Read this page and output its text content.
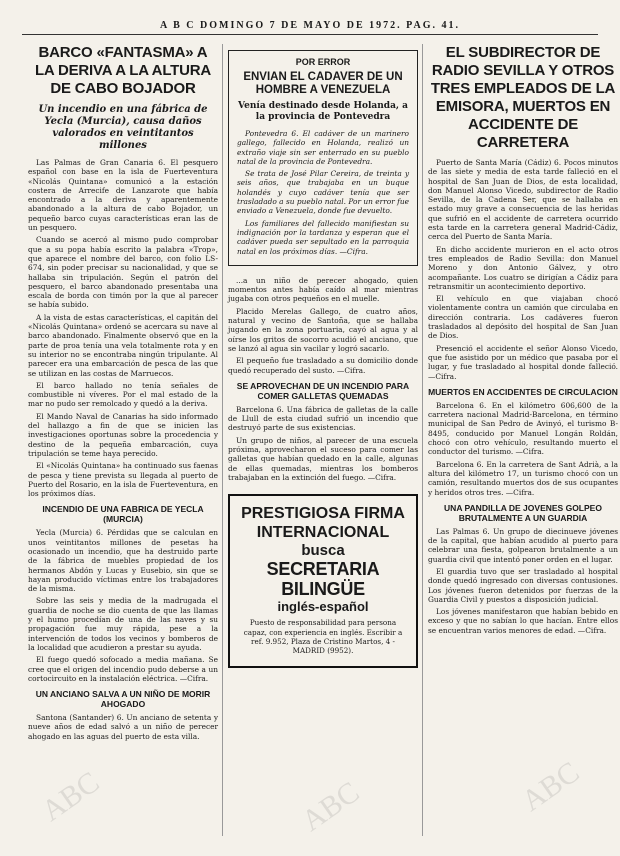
A B C DOMINGO 7 DE MAYO DE 1972. PAG. 41.
BARCO «FANTASMA» A LA DERIVA A LA ALTURA DE CABO BOJADOR
Un incendio en una fábrica de Yecla (Murcia), causa daños valorados en veintitantos millones

Las Palmas de Gran Canaria 6. El pesquero español con base en la isla de Fuerteventura «Nicolás Quintana» comunicó a la estación costera de Arrecife de Lanzarote que había encontrado a la deriva y aparentemente abandonado a la altura de cabo Bojador, un pequeño barco cuyas características eran las de un pesquero.

Cuando se acercó al mismo pudo comprobar que a su popa había escrito la palabra «Trop», que aparece el nombre del barco, con folio LS-674, sin poder precisar su nacionalidad, y que se hallaba sin tripulación. Según el patrón del pesquero, el barco abandonado presentaba una escala de borda con timón por la que al parecer se había subido.

A la vista de estas características, el capitán del «Nicolás Quintana» ordenó se acercara su nave al barco abandonado. Finalmente observó que en la parte de proa tenía una vela totalmente rota y en su interior no se encontraba ningún tripulante. Al parecer era una embarcación de pesca de las que se utilizan en las costas de Marruecos.

El barco hallado no tenía señales de combustible ni víveres. Por el mal estado de la mar no pudo ser remolcado y quedó a la deriva.

El Mando Naval de Canarias ha sido informado del hallazgo a fin de que se inicien las investigaciones oportunas sobre la procedencia y destino de la pequeña embarcación, cuya tripulación se teme haya perecido.

El «Nicolás Quintana» ha continuado sus faenas de pesca y tiene prevista su llegada al puerto de Puerto del Rosario, en la isla de Fuerteventura, en los próximos días.

INCENDIO DE UNA FABRICA DE YECLA (MURCIA)

Yecla (Murcia) 6. Pérdidas que se calculan en unos veintitantos millones de pesetas ha ocasionado un incendio, que ha destruido parte de la fábrica de muebles propiedad de los hermanos Abdón y Lucas y Eusebio, sin que se hayan producido víctimas entre los trabajadores de la misma.

Sobre las seis y media de la madrugada el guardia de noche se dio cuenta de que las llamas y el humo procedían de una de las naves y su propagación fue muy rápida, pese a la intervención de todos los vecinos y bomberos de la localidad que acudieron a prestar su ayuda.

El fuego quedó sofocado a media mañana. Se cree que el origen del incendio pudo deberse a un cortocircuito en la instalación eléctrica. —Cifra.

UN ANCIANO SALVA A UN NIÑO DE MORIR AHOGADO

Santona (Santander) 6. Un anciano de setenta y nueve años de edad salvó a un niño de perecer ahogado en las aguas del puerto de esta villa.

POR ERROR
ENVIAN EL CADAVER DE UN HOMBRE A VENEZUELA
Venía destinado desde Holanda, a la provincia de Pontevedra

Pontevedra 6. El cadáver de un marinero gallego, fallecido en Holanda, realizó un extraño viaje sin ser enterrado en su pueblo natal de la provincia de Pontevedra.

Se trata de José Pilar Cereira, de treinta y seis años, que trabajaba en un buque holandés y cuyo cadáver tenía que ser trasladado a su pueblo natal. Por un error fue enviado a Venezuela, donde fue devuelto.

Los familiares del fallecido manifiestan su indignación por la tardanza y esperan que el cadáver pueda ser sepultado en la parroquia natal en los próximos días. —Cifra.

...a un niño de perecer ahogado, quien momentos antes había caído al mar mientras jugaba con otros pequeños en el muelle.

Placido Merelas Gallego, de cuatro años, natural y vecino de Santoña, que se hallaba jugando en la zona portuaria, cayó al agua y al oírse los gritos de socorro acudió el anciano, que se lanzó al agua sin vacilar y logró sacarlo.

El pequeño fue trasladado a su domicilio donde quedó recuperado del susto. —Cifra.

SE APROVECHAN DE UN INCENDIO PARA COMER GALLETAS QUEMADAS

Barcelona 6. Una fábrica de galletas de la calle de Llull de esta ciudad sufrió un incendio que destruyó parte de sus existencias.

Un grupo de niños, al parecer de una escuela próxima, aprovecharon el suceso para comer las galletas que habían quedado en la calle, algunas de ellas quemadas, mientras los bomberos trabajaban en la extinción del fuego. —Cifra.

PRESTIGIOSA FIRMA INTERNACIONAL
busca
SECRETARIA BILINGÜE
inglés-español

Puesto de responsabilidad para persona capaz, con experiencia en inglés. Escribir a ref. 9.952, Plaza de Cristino Martos, 4 - MADRID (9952).

EL SUBDIRECTOR DE RADIO SEVILLA Y OTROS TRES EMPLEADOS DE LA EMISORA, MUERTOS EN ACCIDENTE DE CARRETERA

Puerto de Santa María (Cádiz) 6. Pocos minutos de las siete y media de esta tarde falleció en el hospital de San Juan de Dios, de esta localidad, don Manuel Alonso Vicedo, subdirector de Radio Sevilla, de la Cadena Ser, que se hallaba en estado muy grave a consecuencia de las heridas que sufrió en el accidente de carretera ocurrido esta tarde en la carretera general Madrid-Cádiz, cerca del Puerto de Santa María.

En dicho accidente murieron en el acto otros tres empleados de Radio Sevilla: don Manuel Moreno y don Antonio Gálvez, y otro acompañante. Los cuatro se dirigían a Cádiz para retransmitir un acontecimiento deportivo.

El vehículo en que viajaban chocó violentamente contra un camión que circulaba en dirección contraria. Los cadáveres fueron trasladados al depósito del hospital de San Juan de Dios.

Presenció el accidente el señor Alonso Vicedo, que fue asistido por un médico que pasaba por el lugar, y fue trasladado al hospital donde falleció. —Cifra.

MUERTOS EN ACCIDENTES DE CIRCULACION

Barcelona 6. En el kilómetro 606,600 de la carretera nacional Madrid-Barcelona, en término municipal de San Pedro de Avinyó, el turismo B-8495, conducido por Manuel Longán Roldán, chocó con otro vehículo, resultando muerto el conductor del turismo. —Cifra.

Barcelona 6. En la carretera de Sant Adrià, a la altura del kilómetro 17, un turismo chocó con un camión, resultando muertos dos de sus ocupantes y heridos otros tres. —Cifra.

UNA PANDILLA DE JOVENES GOLPEO BRUTALMENTE A UN GUARDIA

Las Palmas 6. Un grupo de diecinueve jóvenes de la capital, que habían acudido al puerto para celebrar una fiesta, golpearon brutalmente a un guardia civil que intentó poner orden en el lugar.

El guardia tuvo que ser trasladado al hospital donde quedó ingresado con diversas contusiones. Los jóvenes fueron detenidos por fuerzas de la Guardia Civil y puestos a disposición judicial.

Los jóvenes manifestaron que habían bebido en exceso y que no sabían lo que hacían. Entre ellos se encuentran varios menores de edad. —Cifra.

ABC	ABC	ABC
